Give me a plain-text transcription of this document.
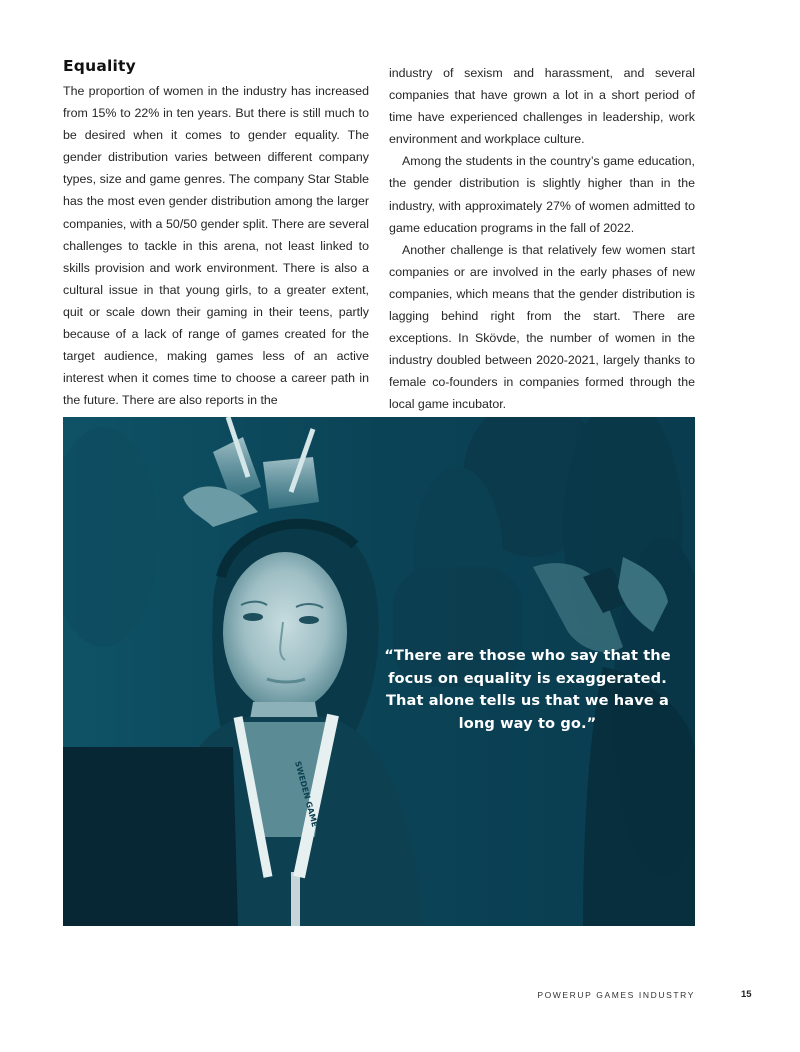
Equality

The proportion of women in the industry has increased from 15% to 22% in ten years. But there is still much to be desired when it comes to gender equality. The gender distribution varies between different company types, size and game genres. The company Star Stable has the most even gender distribution among the larger companies, with a 50/50 gender split. There are several challenges to tackle in this arena, not least linked to skills provision and work environment. There is also a cultural issue in that young girls, to a greater extent, quit or scale down their gaming in their teens, partly because of a lack of range of games created for the target audience, making games less of an active interest when it comes time to choose a career path in the future. There are also reports in the

industry of sexism and harassment, and several companies that have grown a lot in a short period of time have experienced challenges in leadership, work environment and workplace culture.

Among the students in the country’s game education, the gender distribution is slightly higher than in the industry, with approximately 27% of women admitted to game education programs in the fall of 2022.

Another challenge is that relatively few women start companies or are involved in the early phases of new companies, which means that the gender distribution is lagging behind right from the start. There are exceptions. In Skövde, the number of women in the industry doubled between 2020-2021, largely thanks to female co-founders in companies formed through the local game incubator.

SWEDEN GAME

“There are those who say that the focus on equality is exaggerated. That alone tells us that we have a long way to go.”

POWERUP GAMES INDUSTRY	15
